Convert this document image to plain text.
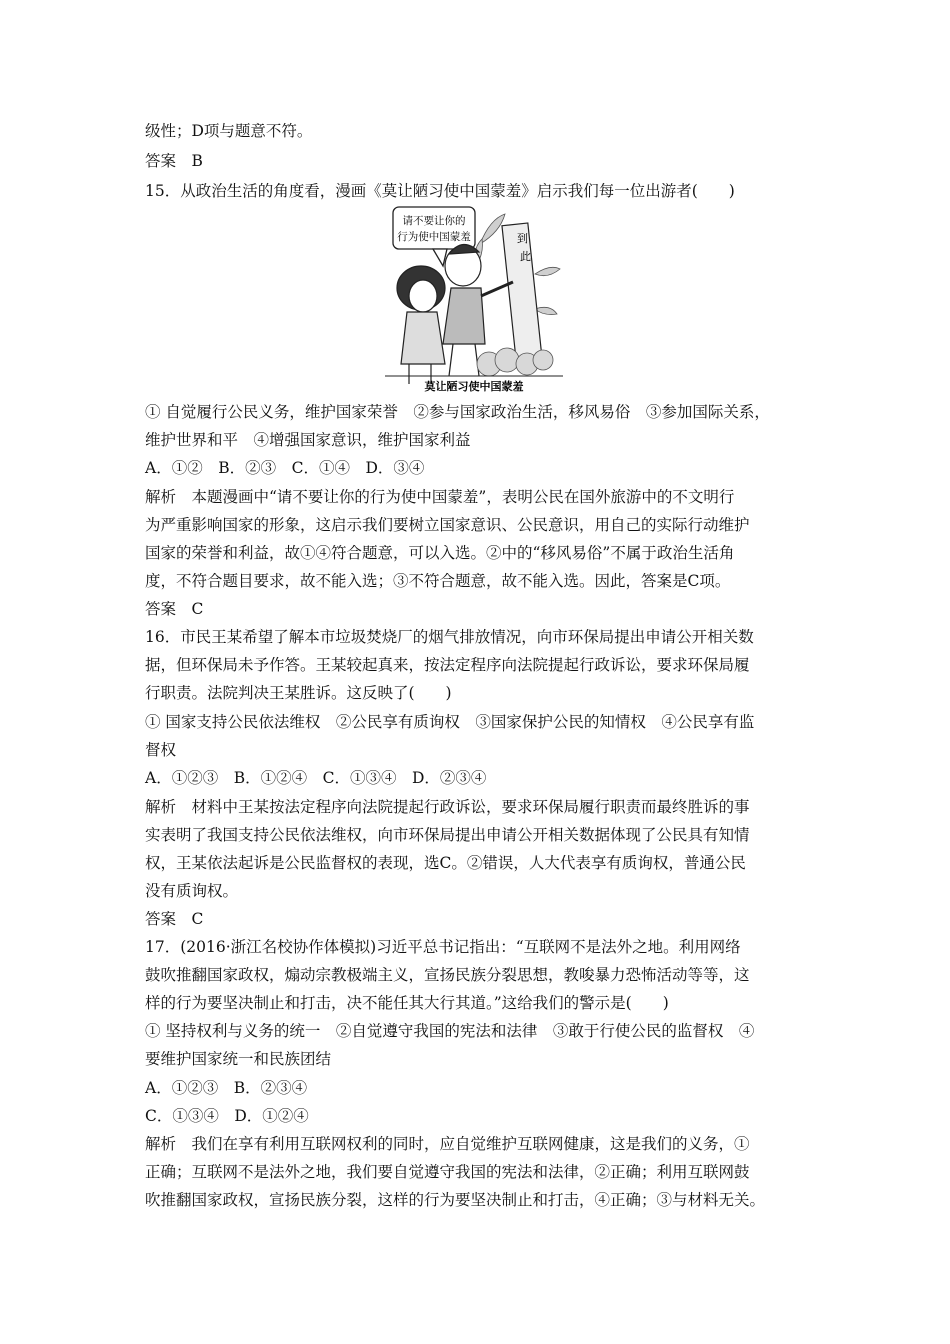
级性；D项与题意不符。
答案　B
15．从政治生活的角度看，漫画《莫让陋习使中国蒙羞》启示我们每一位出游者(　　)
请不要让你的
行为使中国蒙羞	到
此
莫让陋习使中国蒙羞
① 自觉履行公民义务，维护国家荣誉　②参与国家政治生活，移风易俗　③参加国际关系，
维护世界和平　④增强国家意识，维护国家利益
A．①②　B．②③　C．①④　D．③④
解析　本题漫画中“请不要让你的行为使中国蒙羞”，表明公民在国外旅游中的不文明行
为严重影响国家的形象，这启示我们要树立国家意识、公民意识，用自己的实际行动维护
国家的荣誉和利益，故①④符合题意，可以入选。②中的“移风易俗”不属于政治生活角
度，不符合题目要求，故不能入选；③不符合题意，故不能入选。因此，答案是C项。
答案　C
16．市民王某希望了解本市垃圾焚烧厂的烟气排放情况，向市环保局提出申请公开相关数
据，但环保局未予作答。王某较起真来，按法定程序向法院提起行政诉讼，要求环保局履
行职责。法院判决王某胜诉。这反映了(　　)
① 国家支持公民依法维权　②公民享有质询权　③国家保护公民的知情权　④公民享有监
督权
A．①②③　B．①②④　C．①③④　D．②③④
解析　材料中王某按法定程序向法院提起行政诉讼，要求环保局履行职责而最终胜诉的事
实表明了我国支持公民依法维权，向市环保局提出申请公开相关数据体现了公民具有知情
权，王某依法起诉是公民监督权的表现，选C。②错误，人大代表享有质询权，普通公民
没有质询权。
答案　C
17．(2016·浙江名校协作体模拟)习近平总书记指出：“互联网不是法外之地。利用网络
鼓吹推翻国家政权，煽动宗教极端主义，宣扬民族分裂思想，教唆暴力恐怖活动等等，这
样的行为要坚决制止和打击，决不能任其大行其道。”这给我们的警示是(　　)
① 坚持权利与义务的统一　②自觉遵守我国的宪法和法律　③敢于行使公民的监督权　④
要维护国家统一和民族团结
A．①②③　B．②③④
C．①③④　D．①②④
解析　我们在享有利用互联网权利的同时，应自觉维护互联网健康，这是我们的义务，①
正确；互联网不是法外之地，我们要自觉遵守我国的宪法和法律，②正确；利用互联网鼓
吹推翻国家政权，宣扬民族分裂，这样的行为要坚决制止和打击，④正确；③与材料无关。
